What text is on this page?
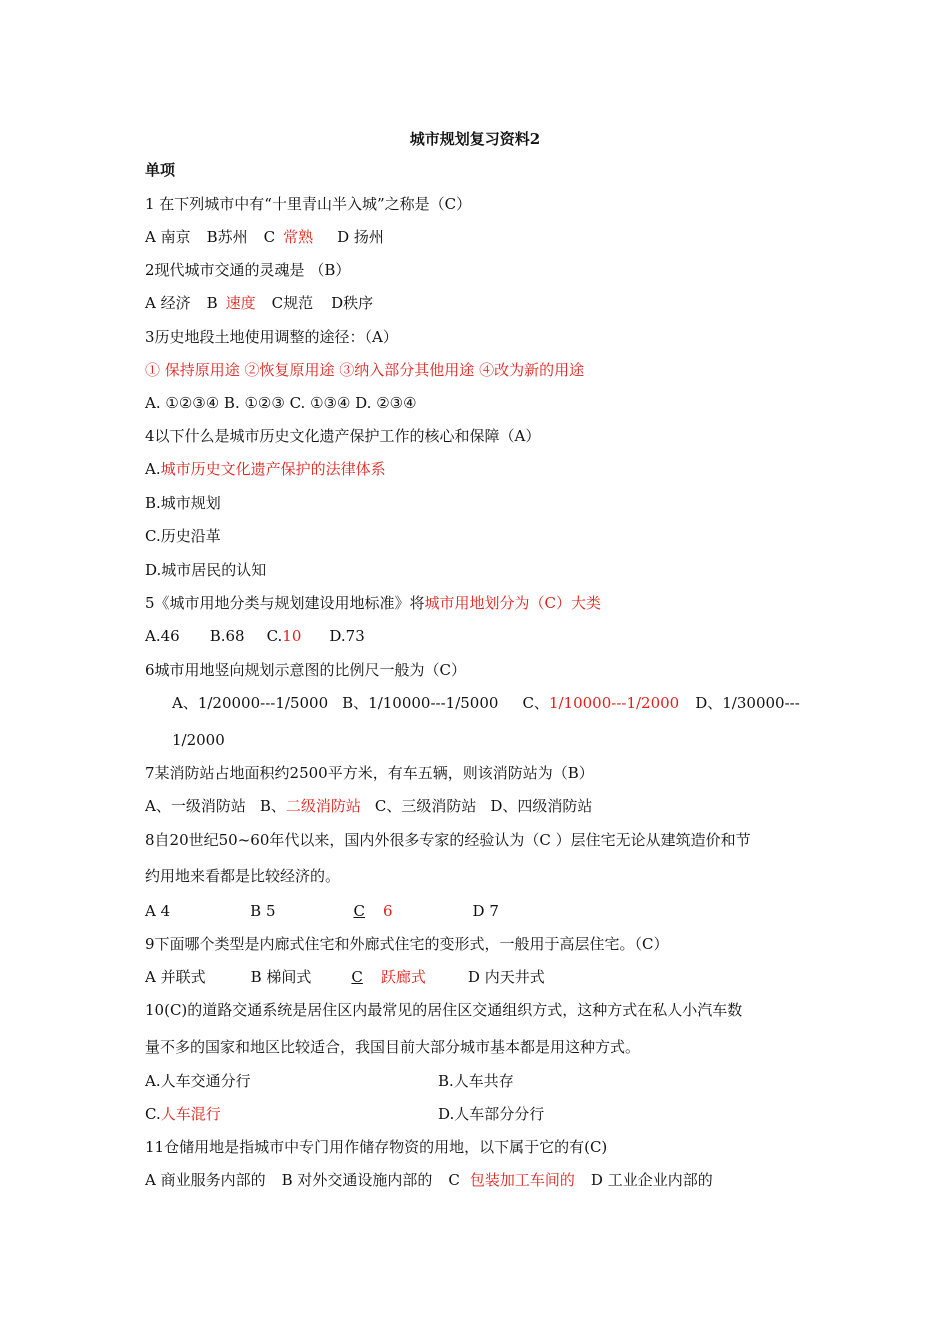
城市规划复习资料2
单项
1 在下列城市中有“十里青山半入城”之称是（C）
A 南京 B苏州 C 常熟 D 扬州
2现代城市交通的灵魂是 （B）
A 经济 B 速度 C规范 D秩序
3历史地段土地使用调整的途径：（A）
① 保持原用途 ②恢复原用途 ③纳入部分其他用途 ④改为新的用途
A. ①②③④ B. ①②③ C. ①③④ D. ②③④
4以下什么是城市历史文化遗产保护工作的核心和保障（A）
A.城市历史文化遗产保护的法律体系
B.城市规划
C.历史沿革
D.城市居民的认知
5《城市用地分类与规划建设用地标准》将城市用地划分为（C）大类
A.46 B.68 C.10 D.73
6城市用地竖向规划示意图的比例尺一般为（C）
A、1/20000---1/5000 B、1/10000---1/5000 C、1/10000---1/2000 D、1/30000---
1/2000
7某消防站占地面积约2500平方米，有车五辆，则该消防站为（B）
A、一级消防站 B、二级消防站 C、三级消防站 D、四级消防站
8自20世纪50~60年代以来，国内外很多专家的经验认为（C ）层住宅无论从建筑造价和节
约用地来看都是比较经济的。
A 4	B 5	C 6	D 7
9下面哪个类型是内廊式住宅和外廊式住宅的变形式，一般用于高层住宅。（C）
A 并联式	B 梯间式	C 跃廊式	D 内天井式
10(C)的道路交通系统是居住区内最常见的居住区交通组织方式，这种方式在私人小汽车数
量不多的国家和地区比较适合，我国目前大部分城市基本都是用这种方式。
A.人车交通分行	B.人车共存
C.人车混行	D.人车部分分行
11仓储用地是指城市中专门用作储存物资的用地，以下属于它的有(C)
A 商业服务内部的 B 对外交通设施内部的 C 包装加工车间的 D 工业企业内部的
